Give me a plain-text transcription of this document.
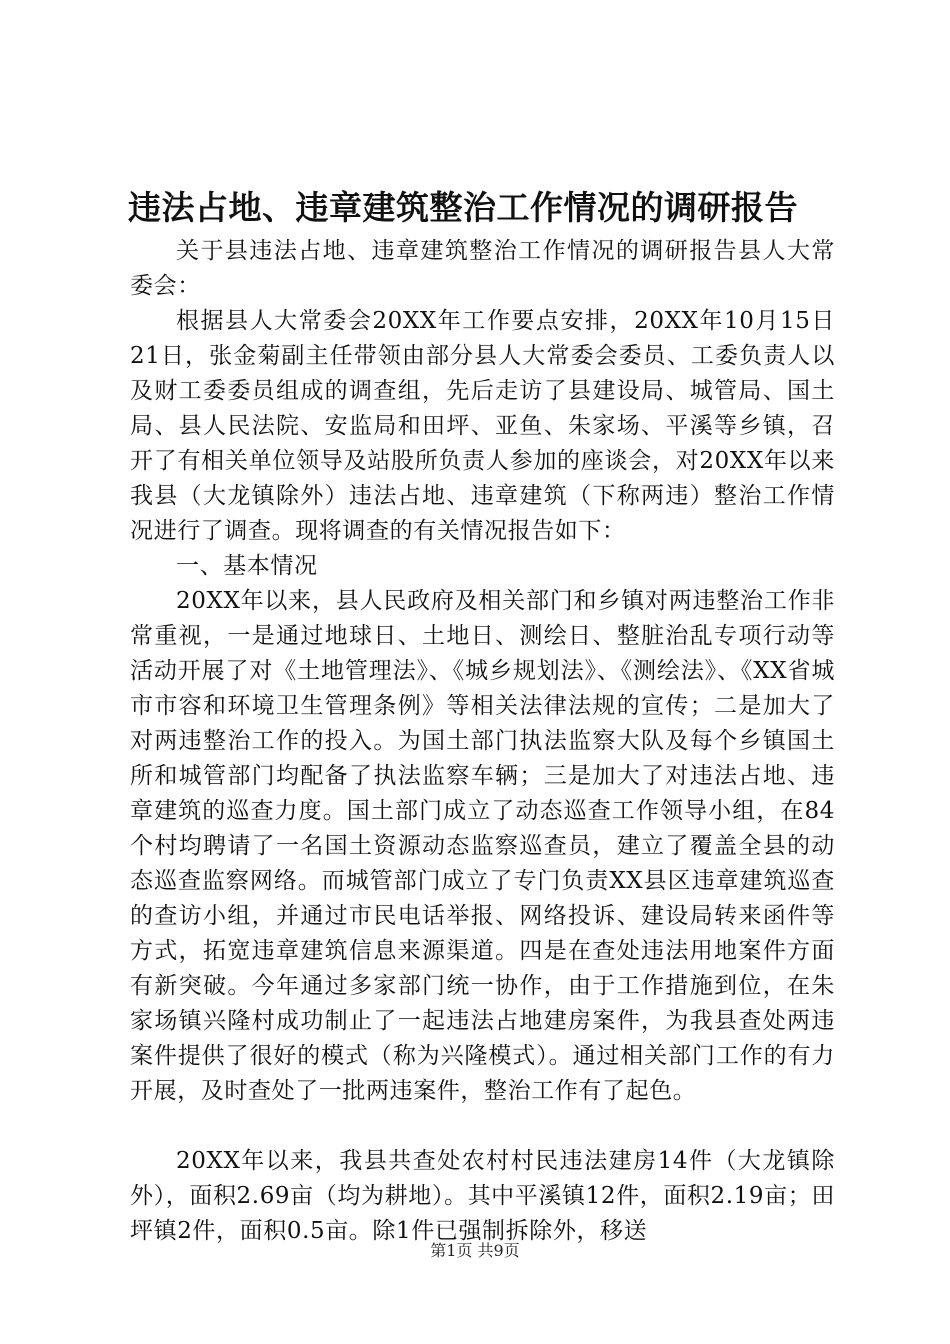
违法占地、违章建筑整治工作情况的调研报告

关于县违法占地、违章建筑整治工作情况的调研报告县人大常委会：

根据县人大常委会20XX年工作要点安排，20XX年10月15日21日，张金菊副主任带领由部分县人大常委会委员、工委负责人以及财工委委员组成的调查组，先后走访了县建设局、城管局、国土局、县人民法院、安监局和田坪、亚鱼、朱家场、平溪等乡镇，召开了有相关单位领导及站股所负责人参加的座谈会，对20XX年以来我县（大龙镇除外）违法占地、违章建筑（下称两违）整治工作情况进行了调查。现将调查的有关情况报告如下：

一、基本情况

20XX年以来，县人民政府及相关部门和乡镇对两违整治工作非常重视，一是通过地球日、土地日、测绘日、整脏治乱专项行动等活动开展了对《土地管理法》、《城乡规划法》、《测绘法》、《XX省城市市容和环境卫生管理条例》等相关法律法规的宣传；二是加大了对两违整治工作的投入。为国土部门执法监察大队及每个乡镇国土所和城管部门均配备了执法监察车辆；三是加大了对违法占地、违章建筑的巡查力度。国土部门成立了动态巡查工作领导小组，在84个村均聘请了一名国土资源动态监察巡查员，建立了覆盖全县的动态巡查监察网络。而城管部门成立了专门负责XX县区违章建筑巡查的查访小组，并通过市民电话举报、网络投诉、建设局转来函件等方式，拓宽违章建筑信息来源渠道。四是在查处违法用地案件方面有新突破。今年通过多家部门统一协作，由于工作措施到位，在朱家场镇兴隆村成功制止了一起违法占地建房案件，为我县查处两违案件提供了很好的模式（称为兴隆模式）。通过相关部门工作的有力开展，及时查处了一批两违案件，整治工作有了起色。

20XX年以来，我县共查处农村村民违法建房14件（大龙镇除外），面积2.69亩（均为耕地）。其中平溪镇12件，面积2.19亩；田坪镇2件，面积0.5亩。除1件已强制拆除外，移送

第1页 共9页
